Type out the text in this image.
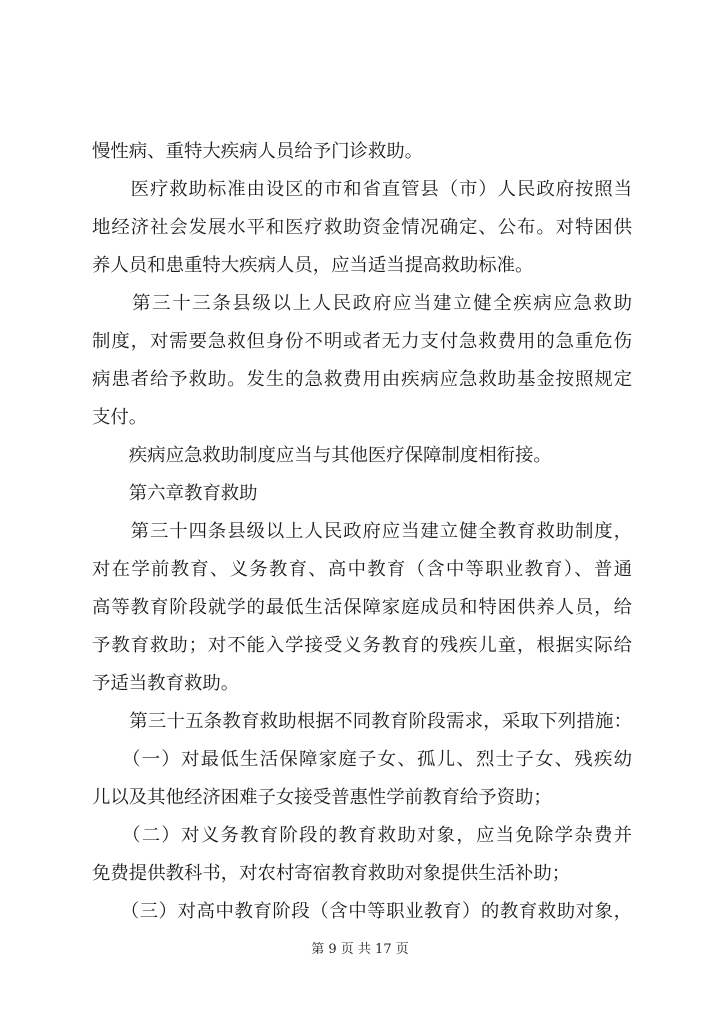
慢性病、重特大疾病人员给予门诊救助。
　　医疗救助标准由设区的市和省直管县（市）人民政府按照当
地经济社会发展水平和医疗救助资金情况确定、公布。对特困供
养人员和患重特大疾病人员，应当适当提高救助标准。
　　第三十三条县级以上人民政府应当建立健全疾病应急救助
制度，对需要急救但身份不明或者无力支付急救费用的急重危伤
病患者给予救助。发生的急救费用由疾病应急救助基金按照规定
支付。
　　疾病应急救助制度应当与其他医疗保障制度相衔接。
　　第六章教育救助
　　第三十四条县级以上人民政府应当建立健全教育救助制度，
对在学前教育、义务教育、高中教育（含中等职业教育）、普通
高等教育阶段就学的最低生活保障家庭成员和特困供养人员，给
予教育救助；对不能入学接受义务教育的残疾儿童，根据实际给
予适当教育救助。
　　第三十五条教育救助根据不同教育阶段需求，采取下列措施：
　　（一）对最低生活保障家庭子女、孤儿、烈士子女、残疾幼
儿以及其他经济困难子女接受普惠性学前教育给予资助；
　　（二）对义务教育阶段的教育救助对象，应当免除学杂费并
免费提供教科书，对农村寄宿教育救助对象提供生活补助；
　　（三）对高中教育阶段（含中等职业教育）的教育救助对象，
第 9 页 共 17 页
